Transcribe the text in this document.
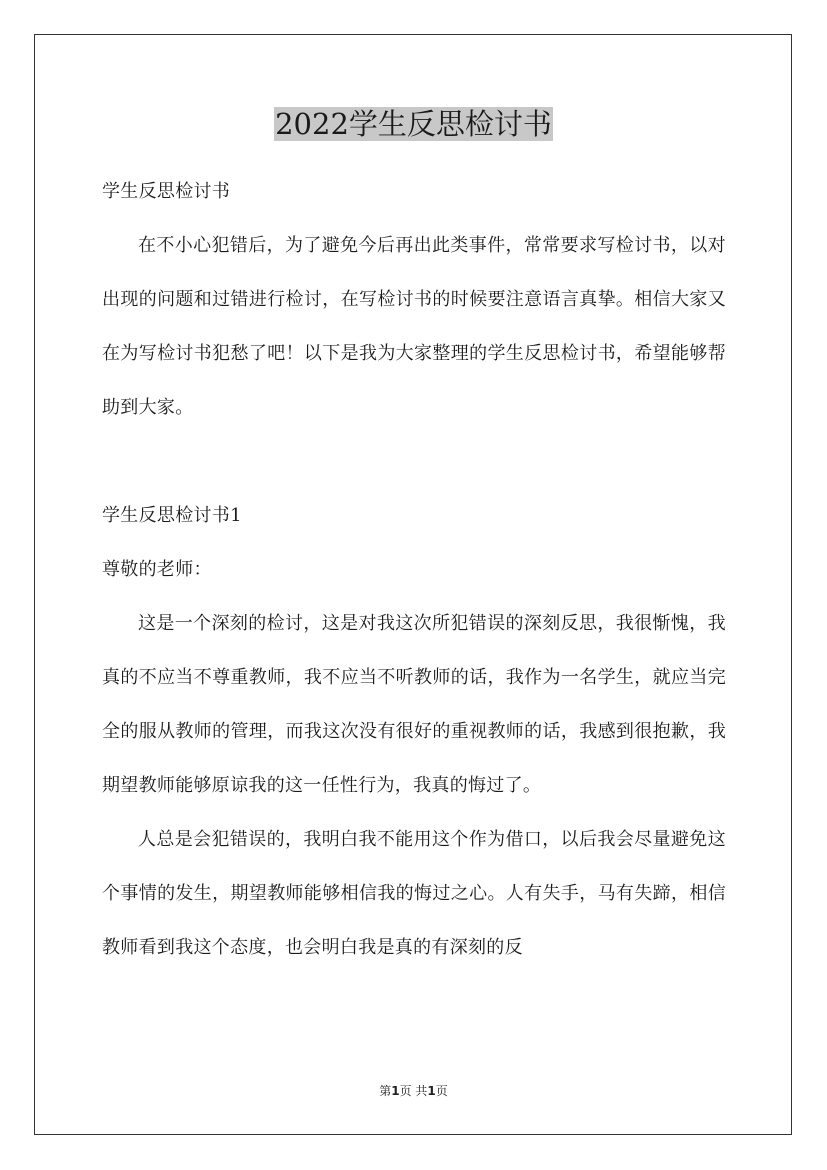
2022学生反思检讨书

学生反思检讨书

在不小心犯错后，为了避免今后再出此类事件，常常要求写检讨书，以对出现的问题和过错进行检讨，在写检讨书的时候要注意语言真挚。相信大家又在为写检讨书犯愁了吧！以下是我为大家整理的学生反思检讨书，希望能够帮助到大家。

学生反思检讨书1

尊敬的老师：

这是一个深刻的检讨，这是对我这次所犯错误的深刻反思，我很惭愧，我真的不应当不尊重教师，我不应当不听教师的话，我作为一名学生，就应当完全的服从教师的管理，而我这次没有很好的重视教师的话，我感到很抱歉，我期望教师能够原谅我的这一任性行为，我真的悔过了。

人总是会犯错误的，我明白我不能用这个作为借口，以后我会尽量避免这个事情的发生，期望教师能够相信我的悔过之心。人有失手，马有失蹄，相信教师看到我这个态度，也会明白我是真的有深刻的反

第1页 共1页
